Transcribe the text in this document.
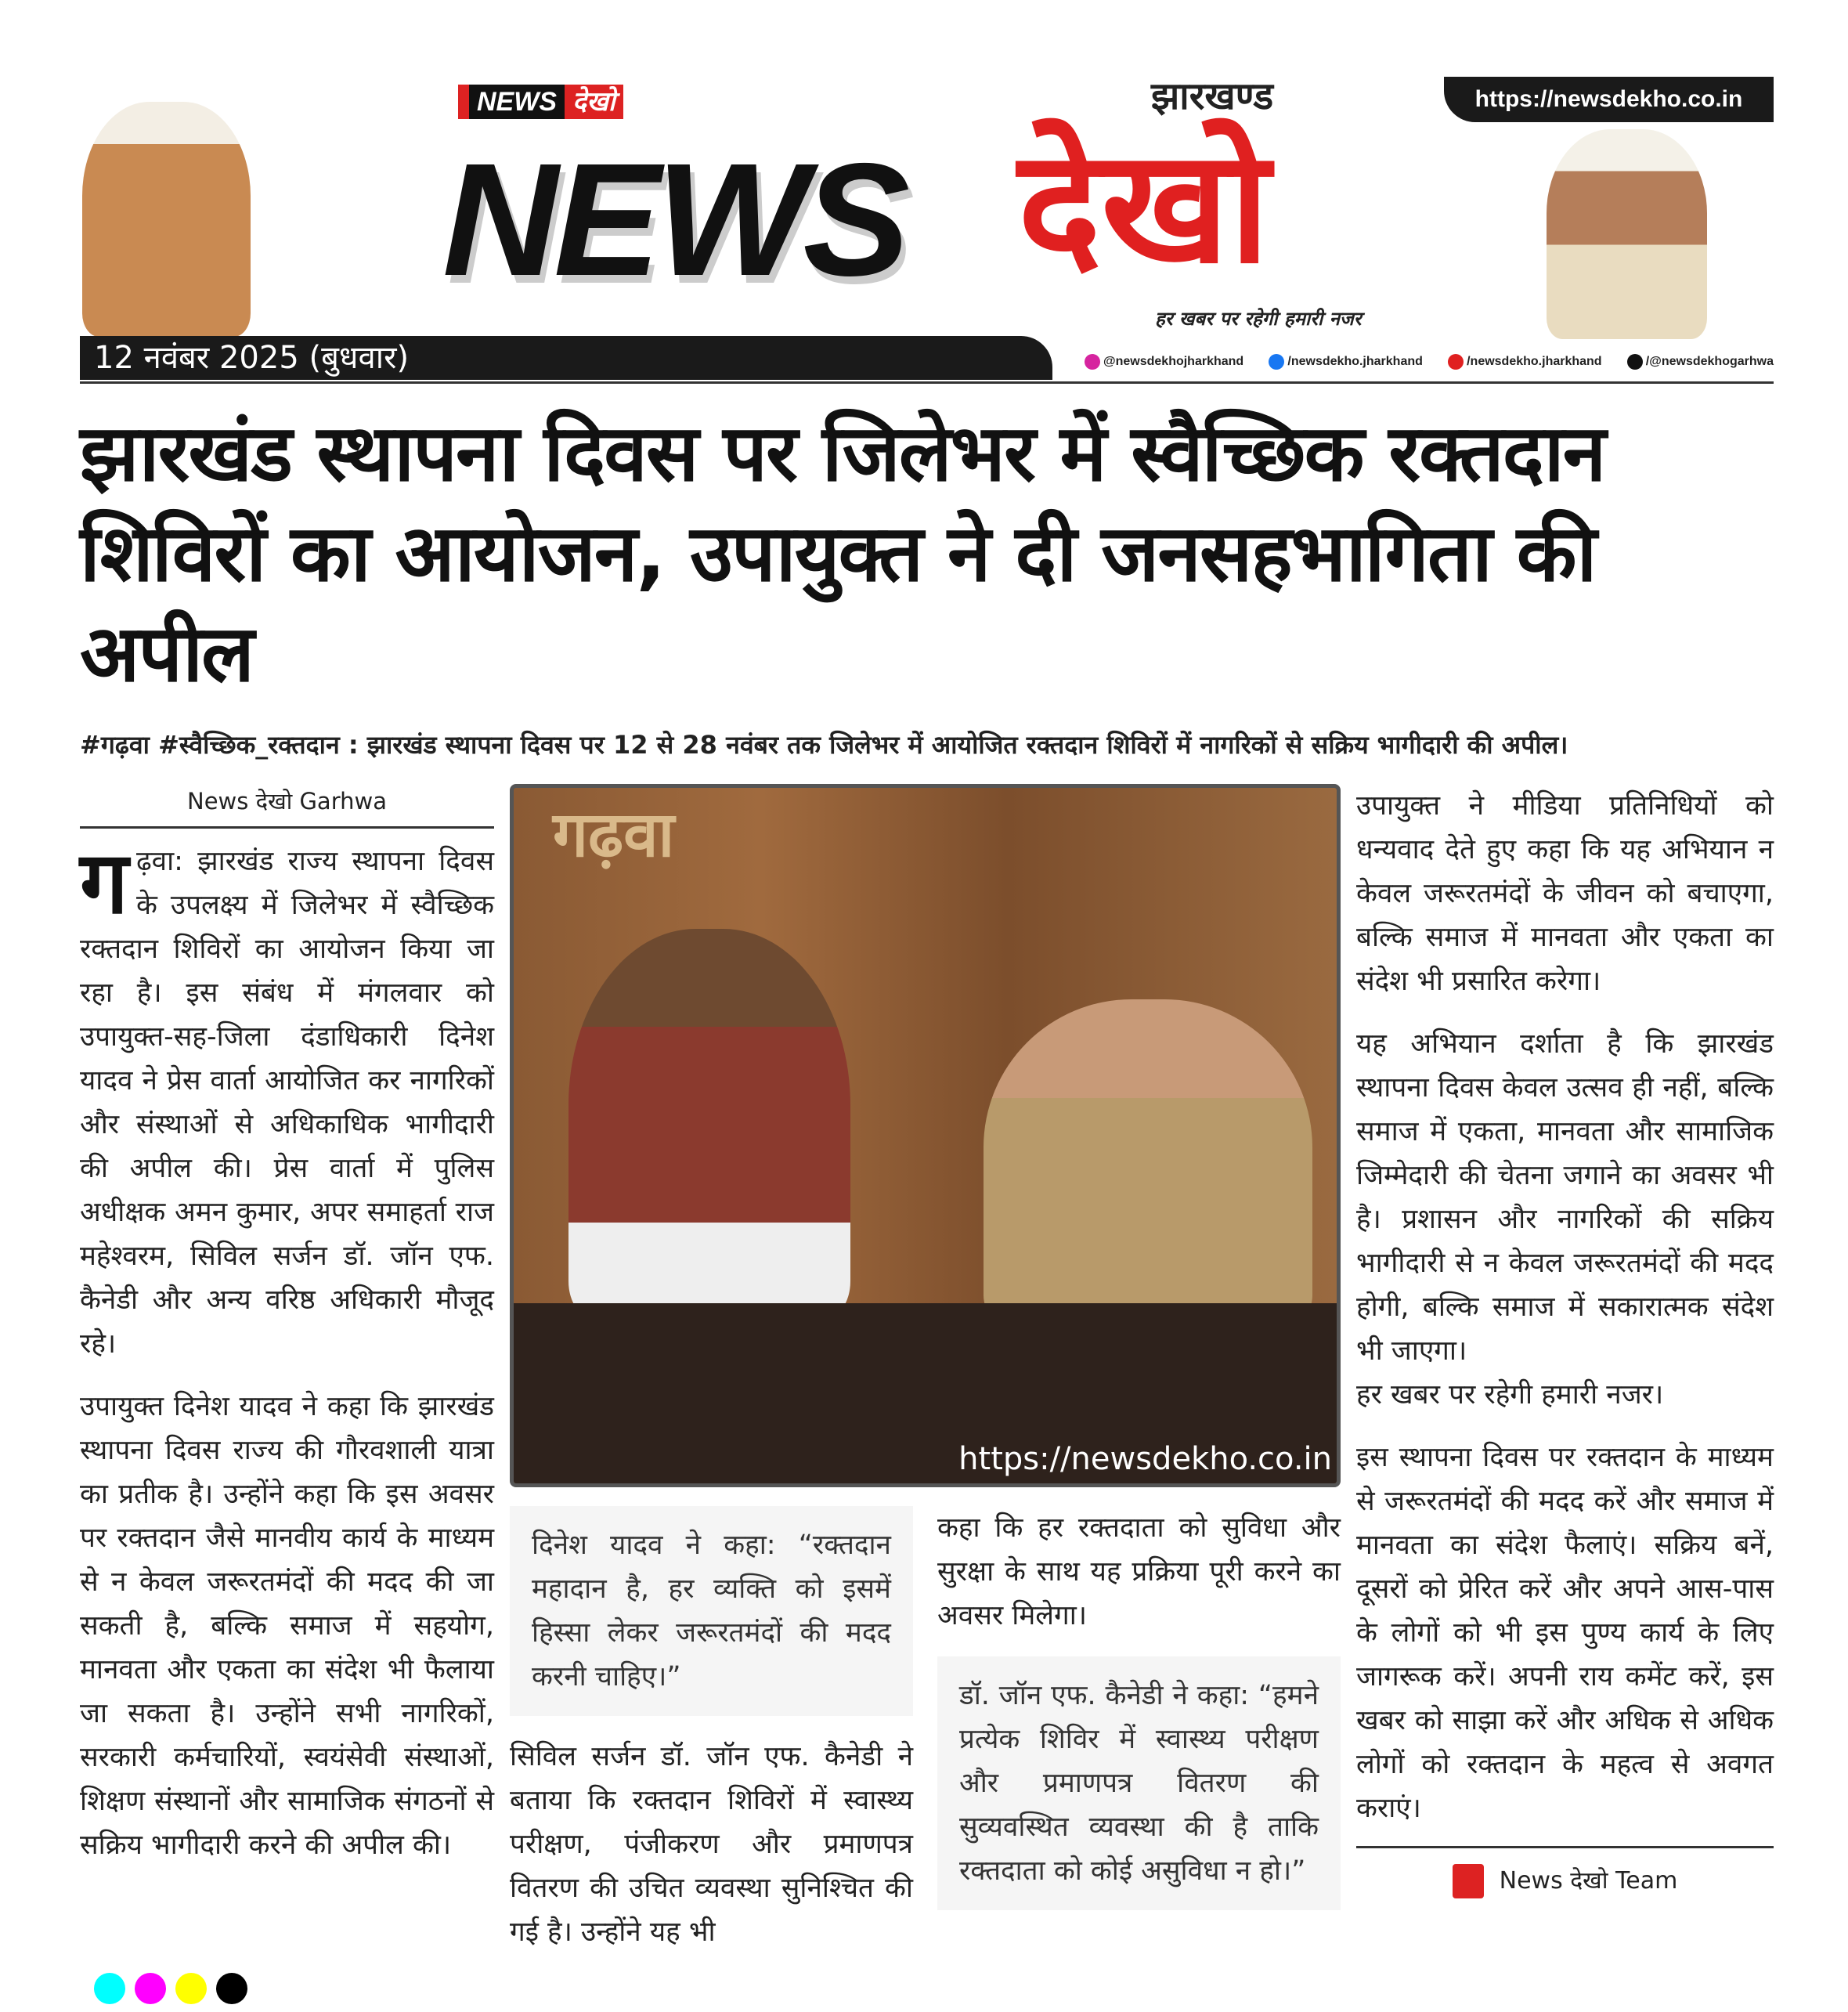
https://newsdekho.co.in
NEWS देखो
NEWS
झारखण्ड
देखो
हर खबर पर रहेगी हमारी नजर
12 नवंबर 2025 (बुधवार)	@newsdekhojharkhand	/newsdekho.jharkhand	/newsdekho.jharkhand	/@newsdekhogarhwa
झारखंड स्थापना दिवस पर जिलेभर में स्वैच्छिक रक्तदान शिविरों का आयोजन, उपायुक्त ने दी जनसहभागिता की अपील
#गढ़वा #स्वैच्छिक_रक्तदान : झारखंड स्थापना दिवस पर 12 से 28 नवंबर तक जिलेभर में आयोजित रक्तदान शिविरों में नागरिकों से सक्रिय भागीदारी की अपील।
News देखो Garhwa
गढ़वा: झारखंड राज्य स्थापना दिवस के उपलक्ष्य में जिलेभर में स्वैच्छिक रक्तदान शिविरों का आयोजन किया जा रहा है। इस संबंध में मंगलवार को उपायुक्त-सह-जिला दंडाधिकारी दिनेश यादव ने प्रेस वार्ता आयोजित कर नागरिकों और संस्थाओं से अधिकाधिक भागीदारी की अपील की। प्रेस वार्ता में पुलिस अधीक्षक अमन कुमार, अपर समाहर्ता राज महेश्वरम, सिविल सर्जन डॉ. जॉन एफ. कैनेडी और अन्य वरिष्ठ अधिकारी मौजूद रहे।
उपायुक्त दिनेश यादव ने कहा कि झारखंड स्थापना दिवस राज्य की गौरवशाली यात्रा का प्रतीक है। उन्होंने कहा कि इस अवसर पर रक्तदान जैसे मानवीय कार्य के माध्यम से न केवल जरूरतमंदों की मदद की जा सकती है, बल्कि समाज में सहयोग, मानवता और एकता का संदेश भी फैलाया जा सकता है। उन्होंने सभी नागरिकों, सरकारी कर्मचारियों, स्वयंसेवी संस्थाओं, शिक्षण संस्थानों और सामाजिक संगठनों से सक्रिय भागीदारी करने की अपील की।
गढ़वा
https://newsdekho.co.in
दिनेश यादव ने कहा: “रक्तदान महादान है, हर व्यक्ति को इसमें हिस्सा लेकर जरूरतमंदों की मदद करनी चाहिए।”
सिविल सर्जन डॉ. जॉन एफ. कैनेडी ने बताया कि रक्तदान शिविरों में स्वास्थ्य परीक्षण, पंजीकरण और प्रमाणपत्र वितरण की उचित व्यवस्था सुनिश्चित की गई है। उन्होंने यह भी
कहा कि हर रक्तदाता को सुविधा और सुरक्षा के साथ यह प्रक्रिया पूरी करने का अवसर मिलेगा।
डॉ. जॉन एफ. कैनेडी ने कहा: “हमने प्रत्येक शिविर में स्वास्थ्य परीक्षण और प्रमाणपत्र वितरण की सुव्यवस्थित व्यवस्था की है ताकि रक्तदाता को कोई असुविधा न हो।”

उपायुक्त ने मीडिया प्रतिनिधियों को धन्यवाद देते हुए कहा कि यह अभियान न केवल जरूरतमंदों के जीवन को बचाएगा, बल्कि समाज में मानवता और एकता का संदेश भी प्रसारित करेगा।

यह अभियान दर्शाता है कि झारखंड स्थापना दिवस केवल उत्सव ही नहीं, बल्कि समाज में एकता, मानवता और सामाजिक जिम्मेदारी की चेतना जगाने का अवसर भी है। प्रशासन और नागरिकों की सक्रिय भागीदारी से न केवल जरूरतमंदों की मदद होगी, बल्कि समाज में सकारात्मक संदेश भी जाएगा।

हर खबर पर रहेगी हमारी नजर।

इस स्थापना दिवस पर रक्तदान के माध्यम से जरूरतमंदों की मदद करें और समाज में मानवता का संदेश फैलाएं। सक्रिय बनें, दूसरों को प्रेरित करें और अपने आस-पास के लोगों को भी इस पुण्य कार्य के लिए जागरूक करें। अपनी राय कमेंट करें, इस खबर को साझा करें और अधिक से अधिक लोगों को रक्तदान के महत्व से अवगत कराएं।

News देखो Team
